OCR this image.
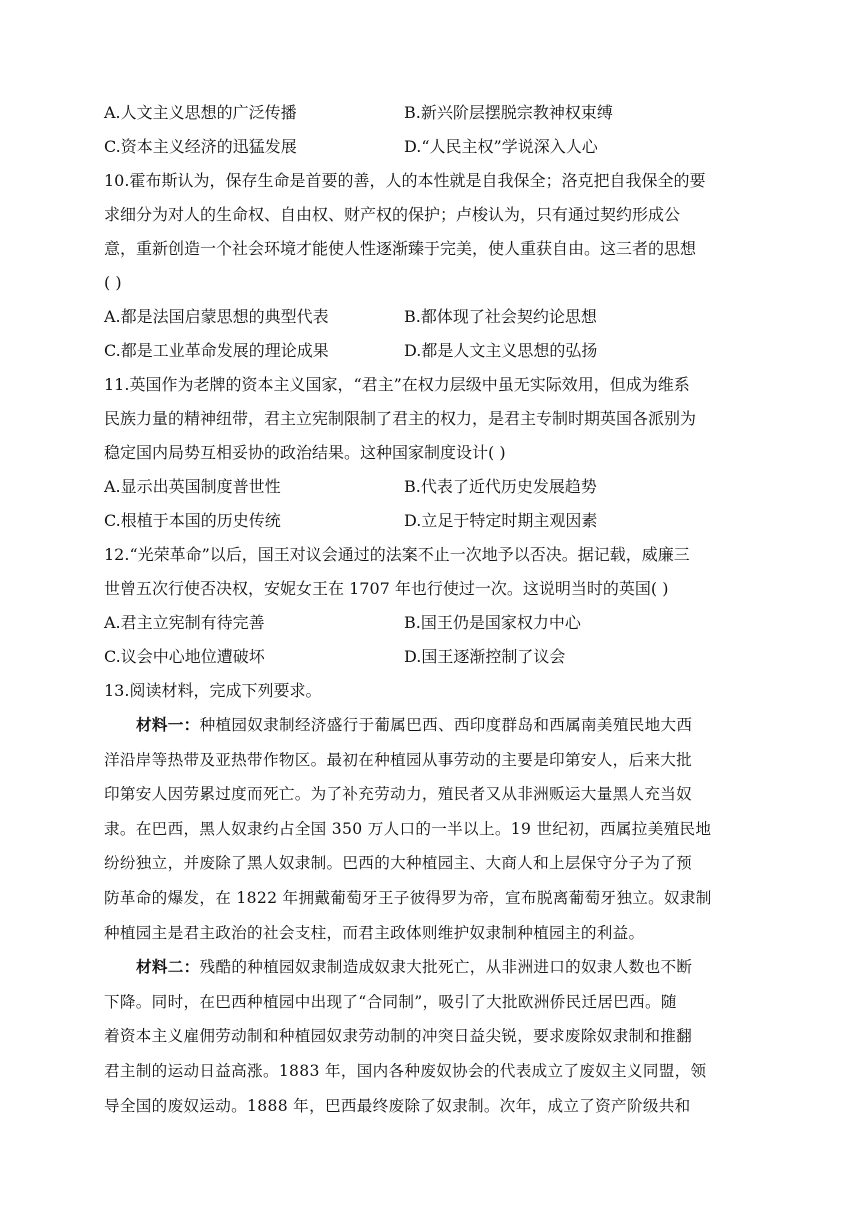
A.人文主义思想的广泛传播	B.新兴阶层摆脱宗教神权束缚
C.资本主义经济的迅猛发展	D.“人民主权”学说深入人心
10.霍布斯认为，保存生命是首要的善，人的本性就是自我保全；洛克把自我保全的要
求细分为对人的生命权、自由权、财产权的保护；卢梭认为，只有通过契约形成公
意，重新创造一个社会环境才能使人性逐渐臻于完美，使人重获自由。这三者的思想
( )
A.都是法国启蒙思想的典型代表	B.都体现了社会契约论思想
C.都是工业革命发展的理论成果	D.都是人文主义思想的弘扬
11.英国作为老牌的资本主义国家，“君主”在权力层级中虽无实际效用，但成为维系
民族力量的精神纽带，君主立宪制限制了君主的权力，是君主专制时期英国各派别为
稳定国内局势互相妥协的政治结果。这种国家制度设计( )
A.显示出英国制度普世性	B.代表了近代历史发展趋势
C.根植于本国的历史传统	D.立足于特定时期主观因素
12.“光荣革命”以后，国王对议会通过的法案不止一次地予以否决。据记载，威廉三
世曾五次行使否决权，安妮女王在 1707 年也行使过一次。这说明当时的英国( )
A.君主立宪制有待完善	B.国王仍是国家权力中心
C.议会中心地位遭破坏	D.国王逐渐控制了议会
13.阅读材料，完成下列要求。
材料一：种植园奴隶制经济盛行于葡属巴西、西印度群岛和西属南美殖民地大西
洋沿岸等热带及亚热带作物区。最初在种植园从事劳动的主要是印第安人，后来大批
印第安人因劳累过度而死亡。为了补充劳动力，殖民者又从非洲贩运大量黑人充当奴
隶。在巴西，黑人奴隶约占全国 350 万人口的一半以上。19 世纪初，西属拉美殖民地
纷纷独立，并废除了黑人奴隶制。巴西的大种植园主、大商人和上层保守分子为了预
防革命的爆发，在 1822 年拥戴葡萄牙王子彼得罗为帝，宣布脱离葡萄牙独立。奴隶制
种植园主是君主政治的社会支柱，而君主政体则维护奴隶制种植园主的利益。
材料二：残酷的种植园奴隶制造成奴隶大批死亡，从非洲进口的奴隶人数也不断
下降。同时，在巴西种植园中出现了“合同制”，吸引了大批欧洲侨民迁居巴西。随
着资本主义雇佣劳动制和种植园奴隶劳动制的冲突日益尖锐，要求废除奴隶制和推翻
君主制的运动日益高涨。1883 年，国内各种废奴协会的代表成立了废奴主义同盟，领
导全国的废奴运动。1888 年，巴西最终废除了奴隶制。次年，成立了资产阶级共和
